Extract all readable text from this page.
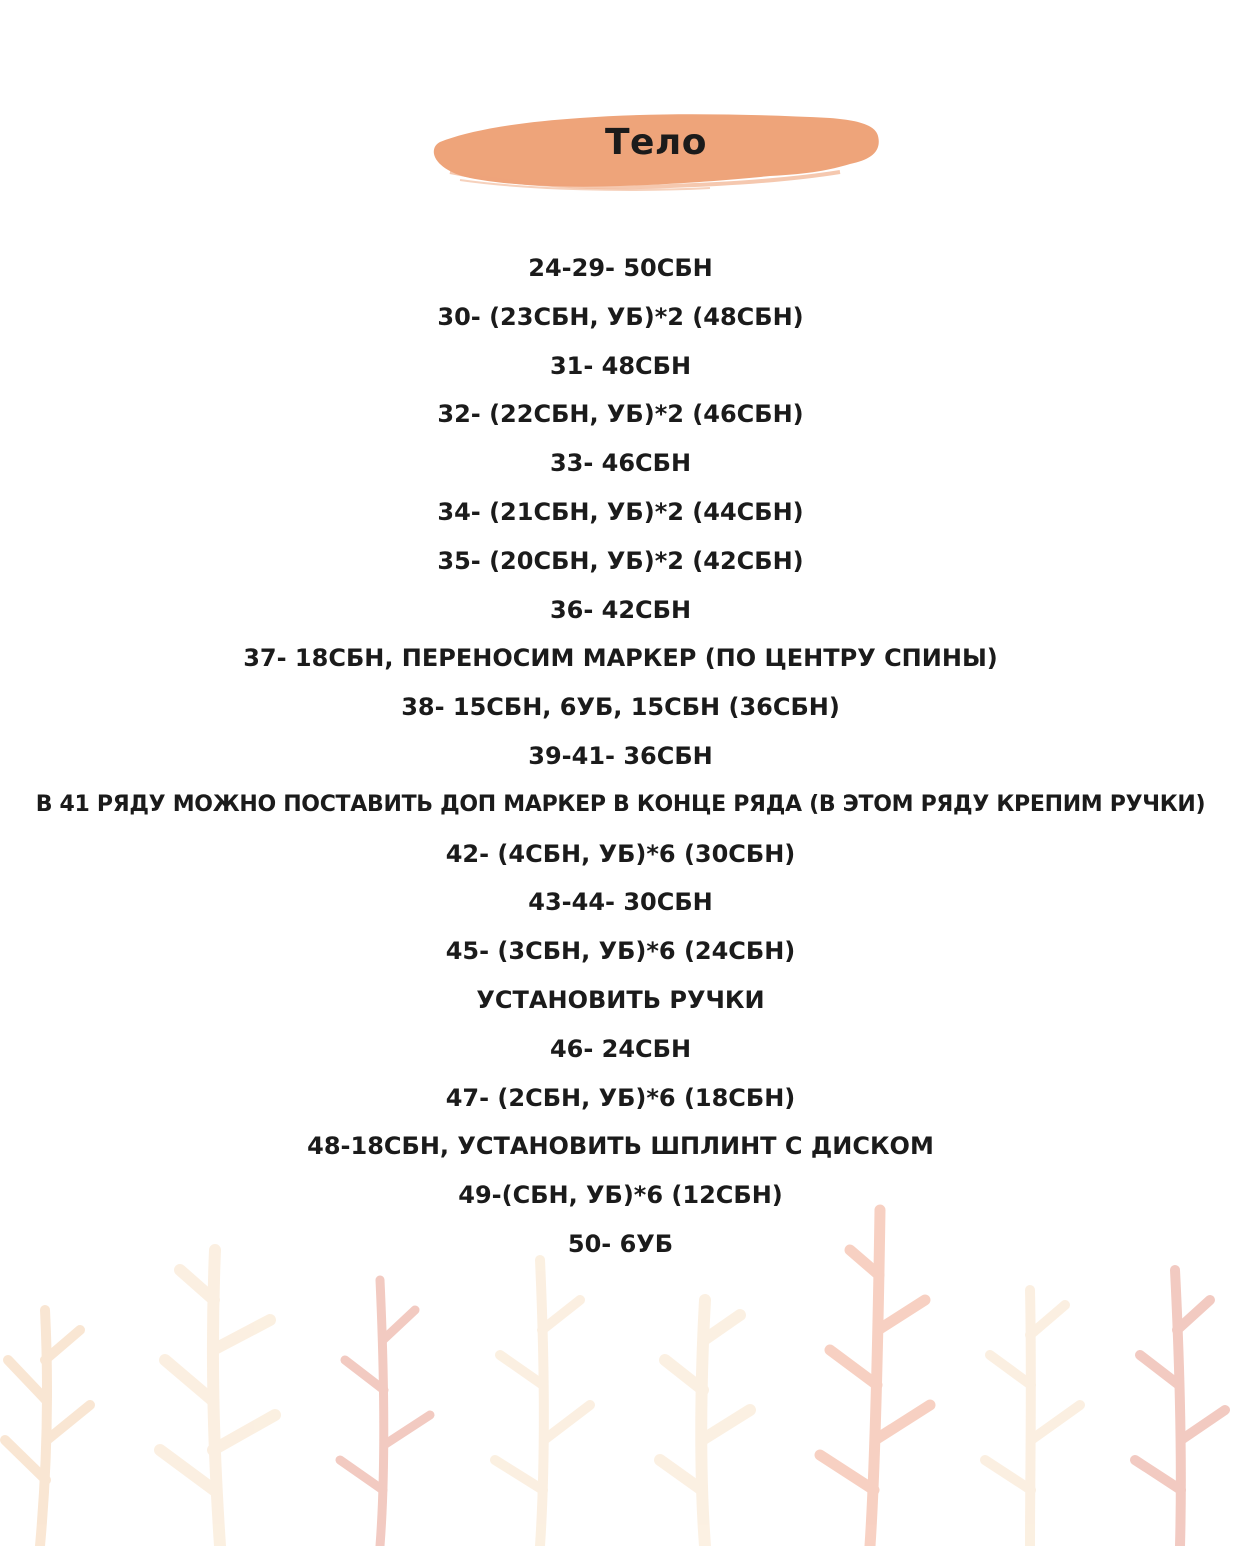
Тело
24-29- 50СБН
30- (23СБН, УБ)*2 (48СБН)
31- 48СБН
32- (22СБН, УБ)*2 (46СБН)
33- 46СБН
34- (21СБН, УБ)*2 (44СБН)
35- (20СБН, УБ)*2 (42СБН)
36- 42СБН
37- 18СБН, ПЕРЕНОСИМ МАРКЕР (ПО ЦЕНТРУ СПИНЫ)
38- 15СБН, 6УБ, 15СБН (36СБН)
39-41- 36СБН
В 41 РЯДУ МОЖНО ПОСТАВИТЬ ДОП МАРКЕР В КОНЦЕ РЯДА (В ЭТОМ РЯДУ КРЕПИМ РУЧКИ)
42- (4СБН, УБ)*6 (30СБН)
43-44- 30СБН
45- (3СБН, УБ)*6 (24СБН)
УСТАНОВИТЬ РУЧКИ
46- 24СБН
47- (2СБН, УБ)*6 (18СБН)
48-18СБН, УСТАНОВИТЬ ШПЛИНТ С ДИСКОМ
49-(СБН, УБ)*6 (12СБН)
50- 6УБ
